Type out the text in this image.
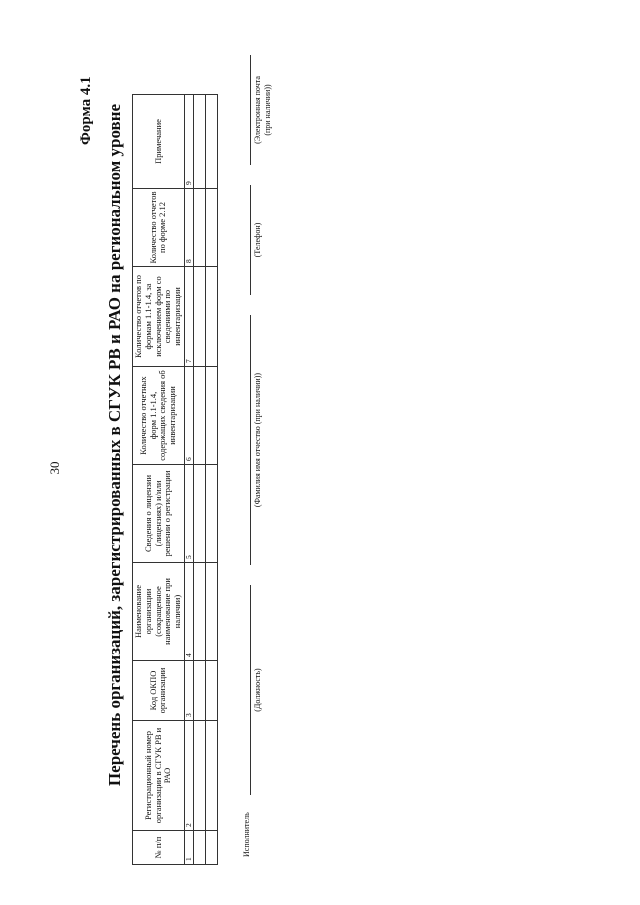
30
Форма 4.1 Перечень организаций, зарегистрированных в СГУК РВ и РАО на региональном уровне
№ п/п	Регистрационный номер организации в СГУК РВ и РАО	Код ОКПО организации	Наименование организации (сокращенное наименование при наличии)	Сведения о лицензии (лицензиях) и/или решении о регистрации	Количество отчетных форм 1.1-1.4, содержащих сведения об инвентаризации	Количество отчетов по формам 1.1-1.4, за исключением форм со сведениями по инвентаризации	Количество отчетов по форме 2.12	Примечание
1	2	3	4	5	6	7	8	9

Исполнитель
(Должность)
(Фамилия имя отчество (при наличии))
(Телефон)
(Электронная почта (при наличии))
